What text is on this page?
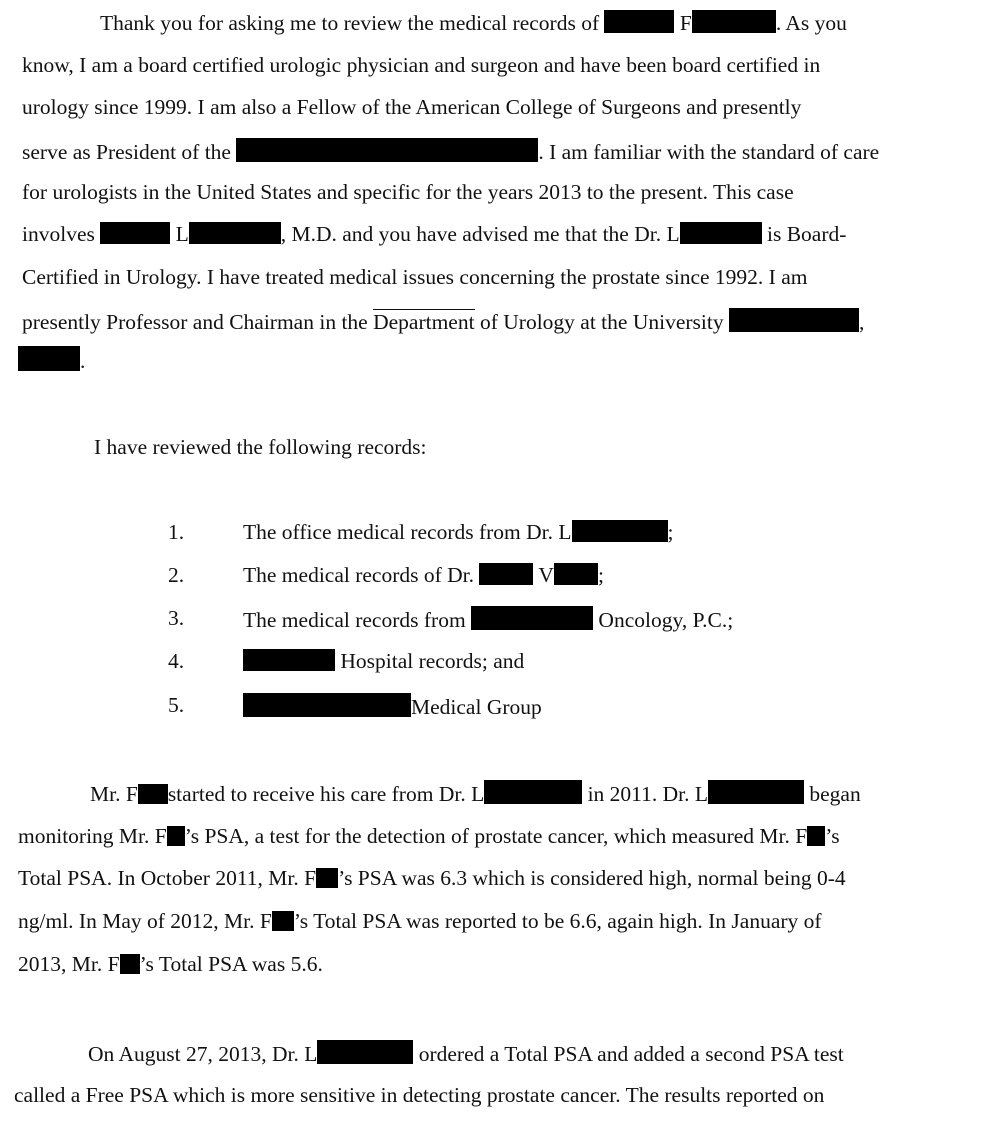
Thank you for asking me to review the medical records of	F	. As you
know, I am a board certified urologic physician and surgeon and have been board certified in
urology since 1999. I am also a Fellow of the American College of Surgeons and presently
serve as President of the	. I am familiar with the standard of care
for urologists in the United States and specific for the years 2013 to the present. This case
involves	L	, M.D. and you have advised me that the Dr. L	is Board-
Certified in Urology. I have treated medical issues concerning the prostate since 1992. I am
presently Professor and Chairman in the Department of Urology at the University	,
.
I have reviewed the following records:
1.	The office medical records from Dr. L	;
2.	The medical records of Dr.	V ;
3.	The medical records from	Oncology, P.C.;
4.	Hospital records; and
5.	Medical Group
Mr. F started to receive his care from Dr. L	in 2011. Dr. L	began
monitoring Mr. F ’s PSA, a test for the detection of prostate cancer, which measured Mr. F ’s
Total PSA. In October 2011, Mr. F ’s PSA was 6.3 which is considered high, normal being 0-4
ng/ml. In May of 2012, Mr. F ’s Total PSA was reported to be 6.6, again high. In January of
2013, Mr. F ’s Total PSA was 5.6.
On August 27, 2013, Dr. L	ordered a Total PSA and added a second PSA test
called a Free PSA which is more sensitive in detecting prostate cancer. The results reported on
